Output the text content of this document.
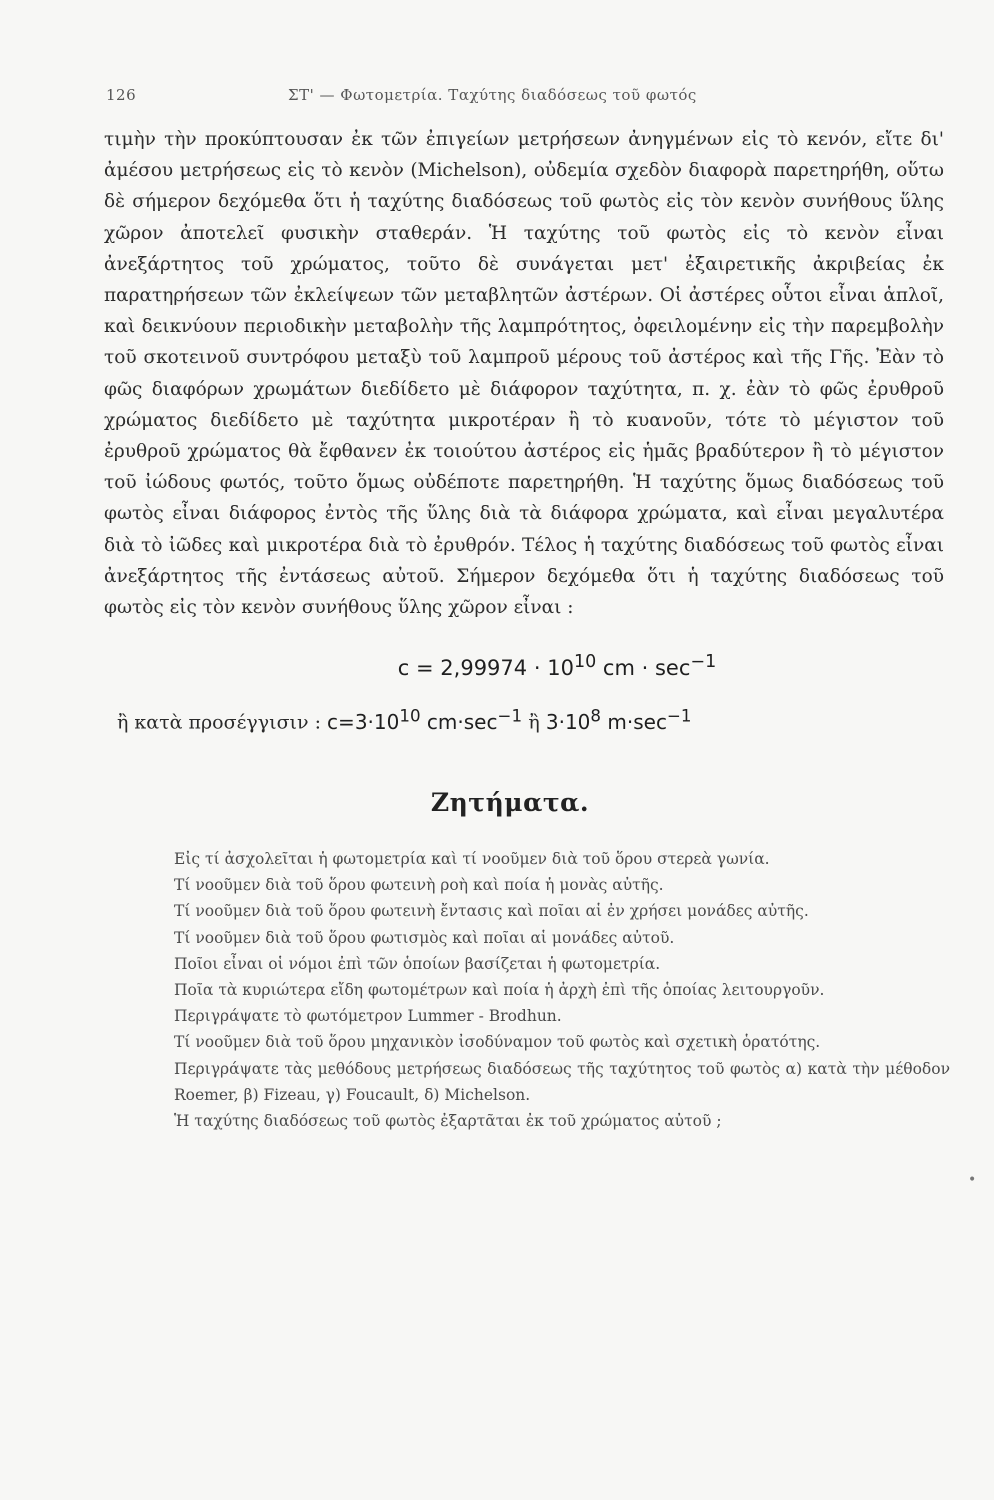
126	ΣΤ' — Φωτομετρία. Ταχύτης διαδόσεως τοῦ φωτός

τιμὴν τὴν προκύπτουσαν ἐκ τῶν ἐπιγείων μετρήσεων ἀνηγμένων εἰς τὸ κενόν, εἴτε δι' ἀμέσου μετρήσεως εἰς τὸ κενὸν (Michelson), οὐδεμία σχεδὸν διαφορὰ παρετηρήθη, οὕτω δὲ σήμερον δεχόμεθα ὅτι ἡ ταχύτης διαδόσεως τοῦ φωτὸς εἰς τὸν κενὸν συνήθους ὕλης χῶρον ἀποτελεῖ φυσικὴν σταθεράν. Ἡ ταχύτης τοῦ φωτὸς εἰς τὸ κενὸν εἶναι ἀνεξάρτητος τοῦ χρώματος, τοῦτο δὲ συνάγεται μετ' ἐξαιρετικῆς ἀκριβείας ἐκ παρατηρήσεων τῶν ἐκλείψεων τῶν μεταβλητῶν ἀστέρων. Οἱ ἀστέρες οὗτοι εἶναι ἁπλοῖ, καὶ δεικνύουν περιοδικὴν μεταβολὴν τῆς λαμπρότητος, ὀφειλομένην εἰς τὴν παρεμβολὴν τοῦ σκοτεινοῦ συντρόφου μεταξὺ τοῦ λαμπροῦ μέρους τοῦ ἀστέρος καὶ τῆς Γῆς. Ἐὰν τὸ φῶς διαφόρων χρωμάτων διεδίδετο μὲ διάφορον ταχύτητα, π. χ. ἐὰν τὸ φῶς ἐρυθροῦ χρώματος διεδίδετο μὲ ταχύτητα μικροτέραν ἢ τὸ κυανοῦν, τότε τὸ μέγιστον τοῦ ἐρυθροῦ χρώματος θὰ ἔφθανεν ἐκ τοιούτου ἀστέρος εἰς ἡμᾶς βραδύτερον ἢ τὸ μέγιστον τοῦ ἰώδους φωτός, τοῦτο ὅμως οὐδέποτε παρετηρήθη. Ἡ ταχύτης ὅμως διαδόσεως τοῦ φωτὸς εἶναι διάφορος ἐντὸς τῆς ὕλης διὰ τὰ διάφορα χρώματα, καὶ εἶναι μεγαλυτέρα διὰ τὸ ἰῶδες καὶ μικροτέρα διὰ τὸ ἐρυθρόν. Τέλος ἡ ταχύτης διαδόσεως τοῦ φωτὸς εἶναι ἀνεξάρτητος τῆς ἐντάσεως αὐτοῦ. Σήμερον δεχόμεθα ὅτι ἡ ταχύτης διαδόσεως τοῦ φωτὸς εἰς τὸν κενὸν συνήθους ὕλης χῶρον εἶναι :

$c = 2,99974 \cdot 10^{10}$ cm · $\sec^{-1}$
ἢ κατὰ προσέγγισιν : $c=3\cdot 10^{10}$ $cm\cdot\sec^{-1}$ ἢ $3\cdot 10^8$ $m\cdot\sec^{-1}$
Ζητήματα.

Εἰς τί ἀσχολεῖται ἡ φωτομετρία καὶ τί νοοῦμεν διὰ τοῦ ὅρου στερεὰ γωνία.

Τί νοοῦμεν διὰ τοῦ ὅρου φωτεινὴ ροὴ καὶ ποία ἡ μονὰς αὐτῆς.

Τί νοοῦμεν διὰ τοῦ ὅρου φωτεινὴ ἔντασις καὶ ποῖαι αἱ ἐν χρήσει μονάδες αὐτῆς.

Τί νοοῦμεν διὰ τοῦ ὅρου φωτισμὸς καὶ ποῖαι αἱ μονάδες αὐτοῦ.

Ποῖοι εἶναι οἱ νόμοι ἐπὶ τῶν ὁποίων βασίζεται ἡ φωτομετρία.

Ποῖα τὰ κυριώτερα εἴδη φωτομέτρων καὶ ποία ἡ ἀρχὴ ἐπὶ τῆς ὁποίας λειτουργοῦν.

Περιγράψατε τὸ φωτόμετρον Lummer - Brodhun.

Τί νοοῦμεν διὰ τοῦ ὅρου μηχανικὸν ἰσοδύναμον τοῦ φωτὸς καὶ σχετικὴ ὁρατότης.

Περιγράψατε τὰς μεθόδους μετρήσεως διαδόσεως τῆς ταχύτητος τοῦ φωτὸς α) κατὰ τὴν μέθοδον Roemer, β) Fizeau, γ) Foucault, δ) Michelson.

Ἡ ταχύτης διαδόσεως τοῦ φωτὸς ἐξαρτᾶται ἐκ τοῦ χρώματος αὐτοῦ ;

•
